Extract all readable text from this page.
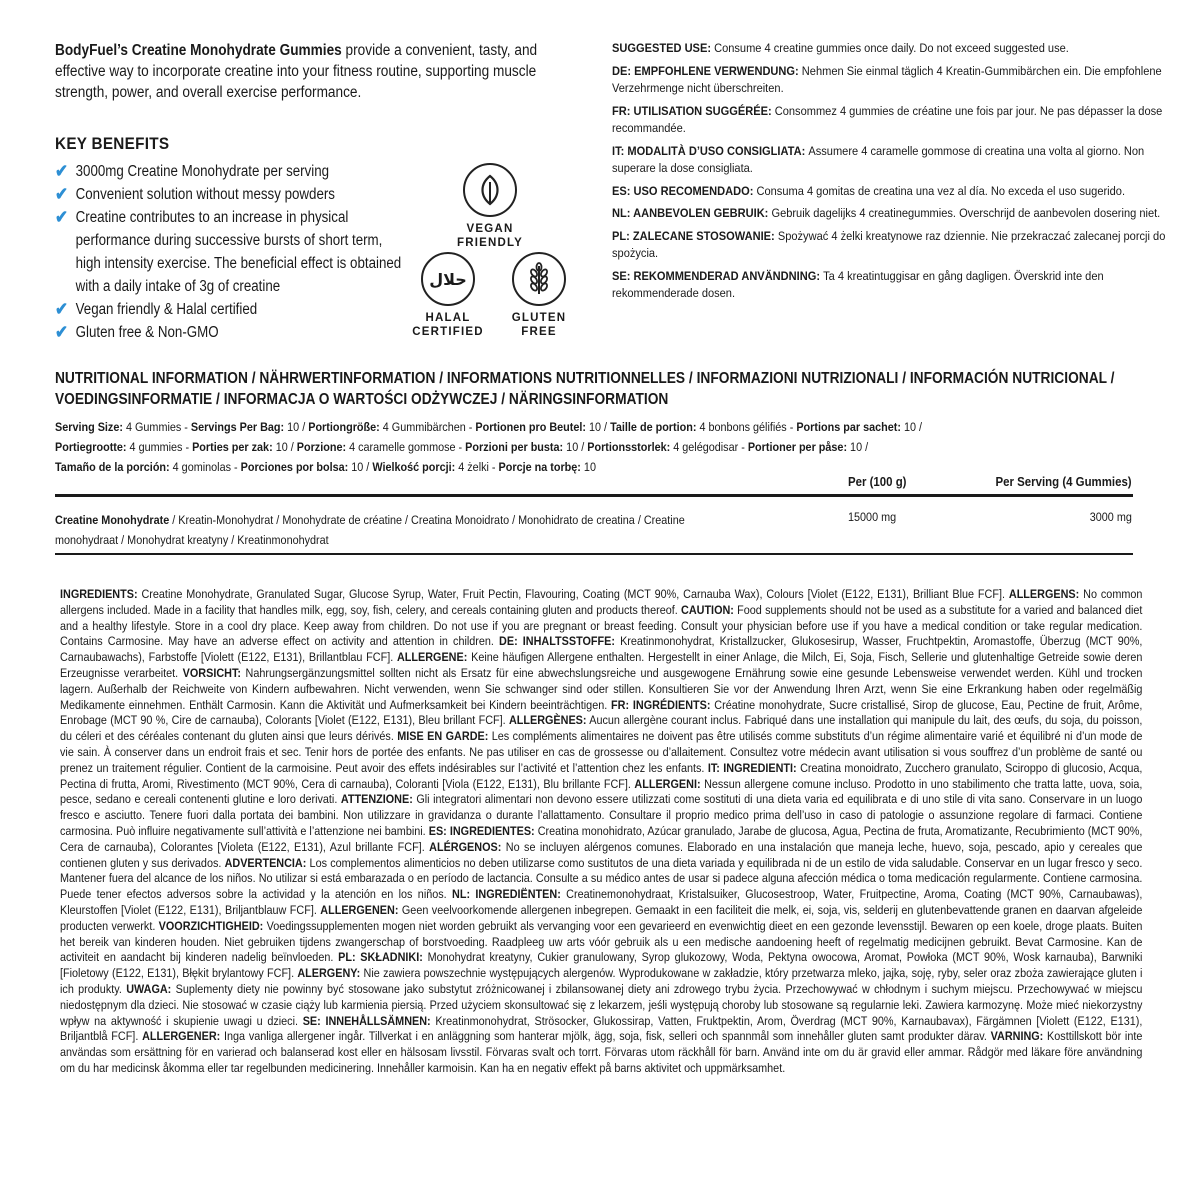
BodyFuel’s Creatine Monohydrate Gummies provide a convenient, tasty, and effective way to incorporate creatine into your fitness routine, supporting muscle strength, power, and overall exercise performance.
KEY BENEFITS
✔ 3000mg Creatine Monohydrate per serving
✔ Convenient solution without messy powders
✔ Creatine contributes to an increase in physical performance during successive bursts of short term, high intensity exercise. The beneficial effect is obtained with a daily intake of 3g of creatine
✔ Vegan friendly & Halal certified
✔ Gluten free & Non-GMO
VEGAN FRIENDLY
حلال
HALAL CERTIFIED
GLUTEN FREE

SUGGESTED USE: Consume 4 creatine gummies once daily. Do not exceed suggested use.

DE: EMPFOHLENE VERWENDUNG: Nehmen Sie einmal täglich 4 Kreatin-Gummibärchen ein. Die empfohlene Verzehrmenge nicht überschreiten.

FR: UTILISATION SUGGÉRÉE: Consommez 4 gummies de créatine une fois par jour. Ne pas dépasser la dose recommandée.

IT: MODALITÀ D’USO CONSIGLIATA: Assumere 4 caramelle gommose di creatina una volta al giorno. Non superare la dose consigliata.

ES: USO RECOMENDADO: Consuma 4 gomitas de creatina una vez al día. No exceda el uso sugerido.

NL: AANBEVOLEN GEBRUIK: Gebruik dagelijks 4 creatinegummies. Overschrijd de aanbevolen dosering niet.

PL: ZALECANE STOSOWANIE: Spożywać 4 żelki kreatynowe raz dziennie. Nie przekraczać zalecanej porcji do spożycia.

SE: REKOMMENDERAD ANVÄNDNING: Ta 4 kreatintuggisar en gång dagligen. Överskrid inte den rekommenderade dosen.

NUTRITIONAL INFORMATION / NÄHRWERTINFORMATION / INFORMATIONS NUTRITIONNELLES / INFORMAZIONI NUTRIZIONALI / INFORMACIÓN NUTRICIONAL / VOEDINGSINFORMATIE / INFORMACJA O WARTOŚCI ODŻYWCZEJ / NÄRINGSINFORMATION
Serving Size: 4 Gummies - Servings Per Bag: 10 / Portiongröße: 4 Gummibärchen - Portionen pro Beutel: 10 / Taille de portion: 4 bonbons gélifiés - Portions par sachet: 10 /
Portiegrootte: 4 gummies - Porties per zak: 10 / Porzione: 4 caramelle gommose - Porzioni per busta: 10 / Portionsstorlek: 4 gelégodisar - Portioner per påse: 10 /
Tamaño de la porción: 4 gominolas - Porciones por bolsa: 10 / Wielkość porcji: 4 żelki - Porcje na torbę: 10
Per (100 g)	Per Serving (4 Gummies)
Creatine Monohydrate / Kreatin-Monohydrat / Monohydrate de créatine / Creatina Monoidrato / Monohidrato de creatina / Creatine monohydraat / Monohydrat kreatyny / Kreatinmonohydrat
15000 mg	3000 mg
INGREDIENTS: Creatine Monohydrate, Granulated Sugar, Glucose Syrup, Water, Fruit Pectin, Flavouring, Coating (MCT 90%, Carnauba Wax), Colours [Violet (E122, E131), Brilliant Blue FCF]. ALLERGENS: No common allergens included. Made in a facility that handles milk, egg, soy, fish, celery, and cereals containing gluten and products thereof. CAUTION: Food supplements should not be used as a substitute for a varied and balanced diet and a healthy lifestyle. Store in a cool dry place. Keep away from children. Do not use if you are pregnant or breast feeding. Consult your physician before use if you have a medical condition or take regular medication. Contains Carmosine. May have an adverse effect on activity and attention in children. DE: INHALTSSTOFFE: Kreatinmonohydrat, Kristallzucker, Glukosesirup, Wasser, Fruchtpektin, Aromastoffe, Überzug (MCT 90%, Carnaubawachs), Farbstoffe [Violett (E122, E131), Brillantblau FCF]. ALLERGENE: Keine häufigen Allergene enthalten. Hergestellt in einer Anlage, die Milch, Ei, Soja, Fisch, Sellerie und glutenhaltige Getreide sowie deren Erzeugnisse verarbeitet. VORSICHT: Nahrungsergänzungsmittel sollten nicht als Ersatz für eine abwechslungsreiche und ausgewogene Ernährung sowie eine gesunde Lebensweise verwendet werden. Kühl und trocken lagern. Außerhalb der Reichweite von Kindern aufbewahren. Nicht verwenden, wenn Sie schwanger sind oder stillen. Konsultieren Sie vor der Anwendung Ihren Arzt, wenn Sie eine Erkrankung haben oder regelmäßig Medikamente einnehmen. Enthält Carmosin. Kann die Aktivität und Aufmerksamkeit bei Kindern beeinträchtigen. FR: INGRÉDIENTS: Créatine monohydrate, Sucre cristallisé, Sirop de glucose, Eau, Pectine de fruit, Arôme, Enrobage (MCT 90 %, Cire de carnauba), Colorants [Violet (E122, E131), Bleu brillant FCF]. ALLERGÈNES: Aucun allergène courant inclus. Fabriqué dans une installation qui manipule du lait, des œufs, du soja, du poisson, du céleri et des céréales contenant du gluten ainsi que leurs dérivés. MISE EN GARDE: Les compléments alimentaires ne doivent pas être utilisés comme substituts d’un régime alimentaire varié et équilibré ni d’un mode de vie sain. À conserver dans un endroit frais et sec. Tenir hors de portée des enfants. Ne pas utiliser en cas de grossesse ou d’allaitement. Consultez votre médecin avant utilisation si vous souffrez d’un problème de santé ou prenez un traitement régulier. Contient de la carmoisine. Peut avoir des effets indésirables sur l’activité et l’attention chez les enfants. IT: INGREDIENTI: Creatina monoidrato, Zucchero granulato, Sciroppo di glucosio, Acqua, Pectina di frutta, Aromi, Rivestimento (MCT 90%, Cera di carnauba), Coloranti [Viola (E122, E131), Blu brillante FCF]. ALLERGENI: Nessun allergene comune incluso. Prodotto in uno stabilimento che tratta latte, uova, soia, pesce, sedano e cereali contenenti glutine e loro derivati. ATTENZIONE: Gli integratori alimentari non devono essere utilizzati come sostituti di una dieta varia ed equilibrata e di uno stile di vita sano. Conservare in un luogo fresco e asciutto. Tenere fuori dalla portata dei bambini. Non utilizzare in gravidanza o durante l’allattamento. Consultare il proprio medico prima dell’uso in caso di patologie o assunzione regolare di farmaci. Contiene carmosina. Può influire negativamente sull’attività e l’attenzione nei bambini. ES: INGREDIENTES: Creatina monohidrato, Azúcar granulado, Jarabe de glucosa, Agua, Pectina de fruta, Aromatizante, Recubrimiento (MCT 90%, Cera de carnauba), Colorantes [Violeta (E122, E131), Azul brillante FCF]. ALÉRGENOS: No se incluyen alérgenos comunes. Elaborado en una instalación que maneja leche, huevo, soja, pescado, apio y cereales que contienen gluten y sus derivados. ADVERTENCIA: Los complementos alimenticios no deben utilizarse como sustitutos de una dieta variada y equilibrada ni de un estilo de vida saludable. Conservar en un lugar fresco y seco. Mantener fuera del alcance de los niños. No utilizar si está embarazada o en período de lactancia. Consulte a su médico antes de usar si padece alguna afección médica o toma medicación regularmente. Contiene carmosina. Puede tener efectos adversos sobre la actividad y la atención en los niños. NL: INGREDIËNTEN: Creatinemonohydraat, Kristalsuiker, Glucosestroop, Water, Fruitpectine, Aroma, Coating (MCT 90%, Carnaubawas), Kleurstoffen [Violet (E122, E131), Briljantblauw FCF]. ALLERGENEN: Geen veelvoorkomende allergenen inbegrepen. Gemaakt in een faciliteit die melk, ei, soja, vis, selderij en glutenbevattende granen en daarvan afgeleide producten verwerkt. VOORZICHTIGHEID: Voedingssupplementen mogen niet worden gebruikt als vervanging voor een gevarieerd en evenwichtig dieet en een gezonde levensstijl. Bewaren op een koele, droge plaats. Buiten het bereik van kinderen houden. Niet gebruiken tijdens zwangerschap of borstvoeding. Raadpleeg uw arts vóór gebruik als u een medische aandoening heeft of regelmatig medicijnen gebruikt. Bevat Carmosine. Kan de activiteit en aandacht bij kinderen nadelig beïnvloeden. PL: SKŁADNIKI: Monohydrat kreatyny, Cukier granulowany, Syrop glukozowy, Woda, Pektyna owocowa, Aromat, Powłoka (MCT 90%, Wosk karnauba), Barwniki [Fioletowy (E122, E131), Błękit brylantowy FCF]. ALERGENY: Nie zawiera powszechnie występujących alergenów. Wyprodukowane w zakładzie, który przetwarza mleko, jajka, soję, ryby, seler oraz zboża zawierające gluten i ich produkty. UWAGA: Suplementy diety nie powinny być stosowane jako substytut zróżnicowanej i zbilansowanej diety ani zdrowego trybu życia. Przechowywać w chłodnym i suchym miejscu. Przechowywać w miejscu niedostępnym dla dzieci. Nie stosować w czasie ciąży lub karmienia piersią. Przed użyciem skonsultować się z lekarzem, jeśli występują choroby lub stosowane są regularnie leki. Zawiera karmozynę. Może mieć niekorzystny wpływ na aktywność i skupienie uwagi u dzieci. SE: INNEHÅLLSÄMNEN: Kreatinmonohydrat, Strösocker, Glukossirap, Vatten, Fruktpektin, Arom, Överdrag (MCT 90%, Karnaubavax), Färgämnen [Violett (E122, E131), Briljantblå FCF]. ALLERGENER: Inga vanliga allergener ingår. Tillverkat i en anläggning som hanterar mjölk, ägg, soja, fisk, selleri och spannmål som innehåller gluten samt produkter därav. VARNING: Kosttillskott bör inte användas som ersättning för en varierad och balanserad kost eller en hälsosam livsstil. Förvaras svalt och torrt. Förvaras utom räckhåll för barn. Använd inte om du är gravid eller ammar. Rådgör med läkare före användning om du har medicinsk åkomma eller tar regelbunden medicinering. Innehåller karmoisin. Kan ha en negativ effekt på barns aktivitet och uppmärksamhet.
